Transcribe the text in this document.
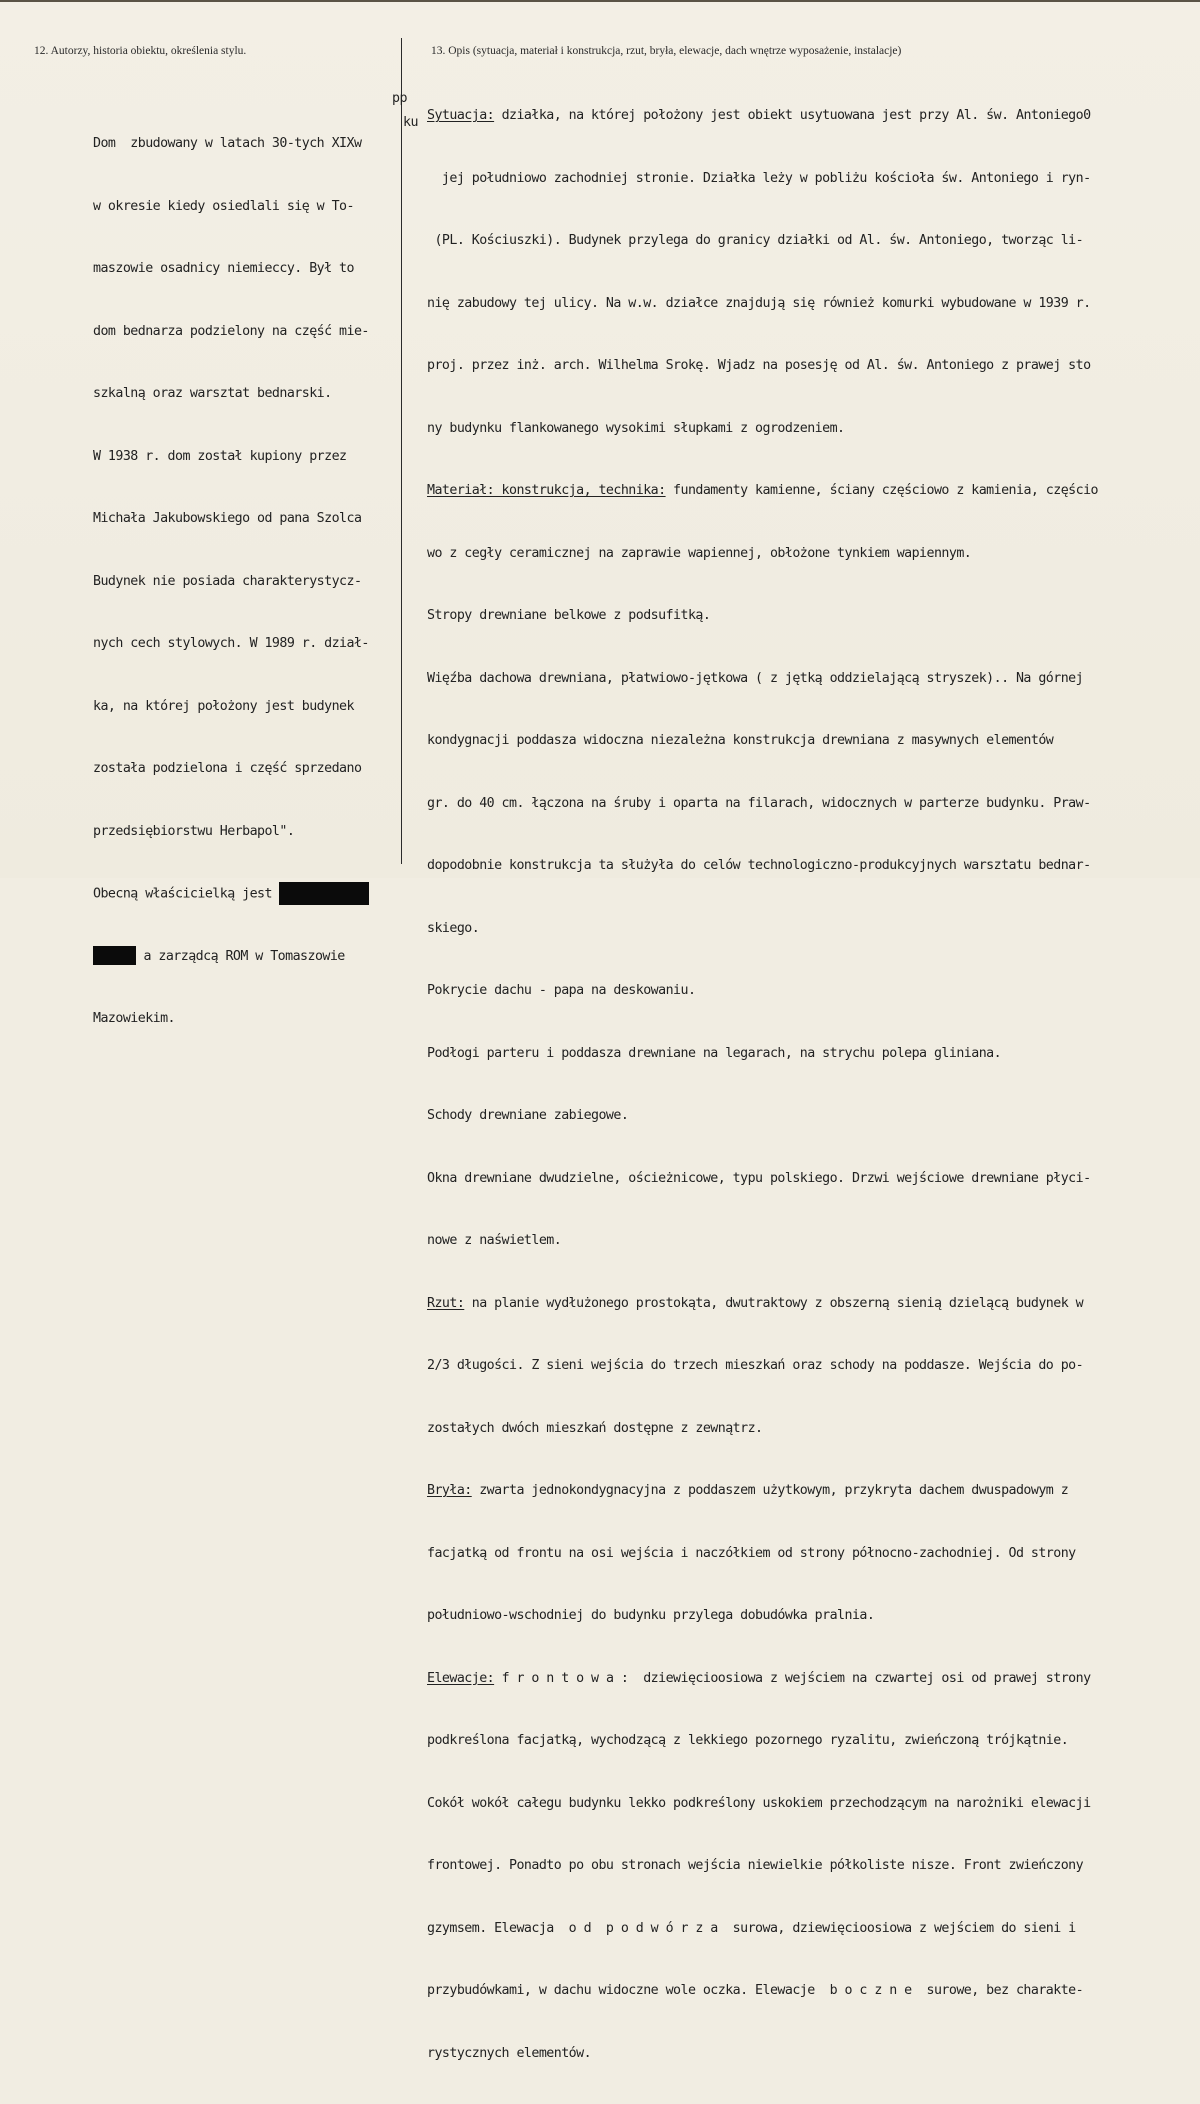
12. Autorzy, historia obiektu, określenia stylu.	13. Opis (sytuacja, materiał i konstrukcja, rzut, bryła, elewacje, dach wnętrze wyposażenie, instalacje)

Dom  zbudowany w latach 30-tych XIXw

w okresie kiedy osiedlali się w To-

maszowie osadnicy niemieccy. Był to

dom bednarza podzielony na część mie-

szkalną oraz warsztat bednarski.

W 1938 r. dom został kupiony przez

Michała Jakubowskiego od pana Szolca

Budynek nie posiada charakterystycz-

nych cech stylowych. W 1989 r. dział-

ka, na której położony jest budynek

została podzielona i część sprzedano

przedsiębiorstwu Herbapol".

Obecną właścicielką jest

a zarządcą ROM w Tomaszowie

Mazowiekim.

pp
ku

Sytuacja: działka, na której położony jest obiekt usytuowana jest przy Al. św. Antoniego0

jej południowo zachodniej stronie. Działka leży w pobliżu kościoła św. Antoniego i ryn-

(PL. Kościuszki). Budynek przylega do granicy działki od Al. św. Antoniego, tworząc li-

nię zabudowy tej ulicy. Na w.w. działce znajdują się również komurki wybudowane w 1939 r.

proj. przez inż. arch. Wilhelma Srokę. Wjadz na posesję od Al. św. Antoniego z prawej sto

ny budynku flankowanego wysokimi słupkami z ogrodzeniem.

Materiał: konstrukcja, technika: fundamenty kamienne, ściany częściowo z kamienia, częścio

wo z cegły ceramicznej na zaprawie wapiennej, obłożone tynkiem wapiennym.

Stropy drewniane belkowe z podsufitką.

Więźba dachowa drewniana, płatwiowo-jętkowa ( z jętką oddzielającą stryszek).. Na górnej

kondygnacji poddasza widoczna niezależna konstrukcja drewniana z masywnych elementów

gr. do 40 cm. łączona na śruby i oparta na filarach, widocznych w parterze budynku. Praw-

dopodobnie konstrukcja ta służyła do celów technologiczno-produkcyjnych warsztatu bednar-

skiego.

Pokrycie dachu - papa na deskowaniu.

Podłogi parteru i poddasza drewniane na legarach, na strychu polepa gliniana.

Schody drewniane zabiegowe.

Okna drewniane dwudzielne, ościeżnicowe, typu polskiego. Drzwi wejściowe drewniane płyci-

nowe z naświetlem.

Rzut: na planie wydłużonego prostokąta, dwutraktowy z obszerną sienią dzielącą budynek w

2/3 długości. Z sieni wejścia do trzech mieszkań oraz schody na poddasze. Wejścia do po-

zostałych dwóch mieszkań dostępne z zewnątrz.

Bryła: zwarta jednokondygnacyjna z poddaszem użytkowym, przykryta dachem dwuspadowym z

facjatką od frontu na osi wejścia i naczółkiem od strony północno-zachodniej. Od strony

południowo-wschodniej do budynku przylega dobudówka pralnia.

Elewacje: f r o n t o w a :  dziewięcioosiowa z wejściem na czwartej osi od prawej strony

podkreślona facjatką, wychodzącą z lekkiego pozornego ryzalitu, zwieńczoną trójkątnie.

Cokół wokół całegu budynku lekko podkreślony uskokiem przechodzącym na narożniki elewacji

frontowej. Ponadto po obu stronach wejścia niewielkie półkoliste nisze. Front zwieńczony

gzymsem. Elewacja  o d  p o d w ó r z a  surowa, dziewięcioosiowa z wejściem do sieni i

przybudówkami, w dachu widoczne wole oczka. Elewacje  b o c z n e  surowe, bez charakte-

rystycznych elementów.
